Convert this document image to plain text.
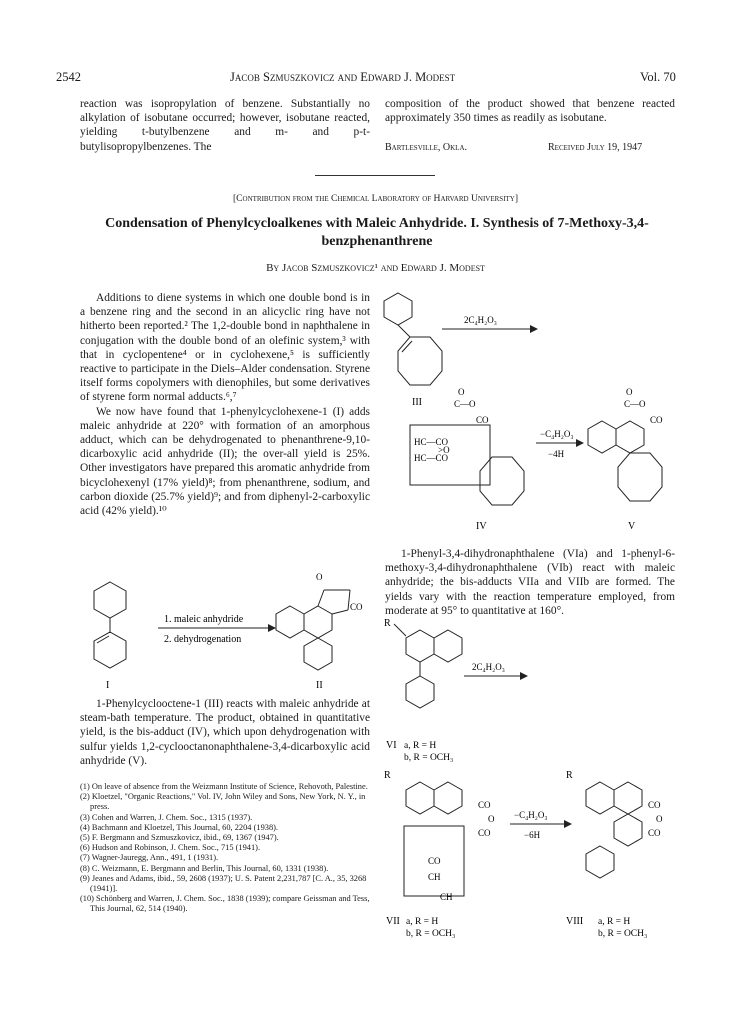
2542	Jacob Szmuszkovicz and Edward J. Modest	Vol. 70
reaction was isopropylation of benzene. Substantially no alkylation of isobutane occurred; however, isobutane reacted, yielding t-butylbenzene and m- and p-t-butylisopropylbenzenes. The
composition of the product showed that benzene reacted approximately 350 times as readily as isobutane.
Bartlesville, Okla.	Received July 19, 1947
[Contribution from the Chemical Laboratory of Harvard University]
Condensation of Phenylcycloalkenes with Maleic Anhydride. I. Synthesis of 7-Methoxy-3,4-benzphenanthrene
By Jacob Szmuszkovicz¹ and Edward J. Modest

Additions to diene systems in which one double bond is in a benzene ring and the second in an alicyclic ring have not hitherto been reported.² The 1,2-double bond in naphthalene in conjugation with the double bond of an olefinic system,³ with that in cyclopentene⁴ or in cyclohexene,⁵ is sufficiently reactive to participate in the Diels–Alder condensation. Styrene itself forms copolymers with dienophiles, but some derivatives of styrene form normal adducts.⁶,⁷

We now have found that 1-phenylcyclohexene-1 (I) adds maleic anhydride at 220° with formation of an amorphous adduct, which can be dehydrogenated to phenanthrene-9,10-dicarboxylic acid anhydride (II); the over-all yield is 25%. Other investigators have prepared this aromatic anhydride from bicyclohexenyl (17% yield)⁸; from phenanthrene, sodium, and carbon dioxide (25.7% yield)⁹; and from diphenyl-2-carboxylic acid (42% yield).¹⁰

I
1. maleic anhydride
2. dehydrogenation
O
CO
II

1-Phenylcyclooctene-1 (III) reacts with maleic anhydride at steam-bath temperature. The product, obtained in quantitative yield, is the bis-adduct (IV), which upon dehydrogenation with sulfur yields 1,2-cyclooctanonaphthalene-3,4-dicarboxylic acid anhydride (V).

(1) On leave of absence from the Weizmann Institute of Science, Rehovoth, Palestine.

(2) Kloetzel, "Organic Reactions," Vol. IV, John Wiley and Sons, New York, N. Y., in press.

(3) Cohen and Warren, J. Chem. Soc., 1315 (1937).

(4) Bachmann and Kloetzel, This Journal, 60, 2204 (1938).

(5) F. Bergmann and Szmuszkovicz, ibid., 69, 1367 (1947).

(6) Hudson and Robinson, J. Chem. Soc., 715 (1941).

(7) Wagner-Jauregg, Ann., 491, 1 (1931).

(8) C. Weizmann, E. Bergmann and Berlin, This Journal, 60, 1331 (1938).

(9) Jeanes and Adams, ibid., 59, 2608 (1937); U. S. Patent 2,231,787 [C. A., 35, 3268 (1941)].

(10) Schönberg and Warren, J. Chem. Soc., 1838 (1939); compare Geissman and Tess, This Journal, 62, 514 (1940).

2C₄H₂O₃
III
HC—CO
HC—CO
>O
O
C—O
CO
IV
−C₄H₂O₃
−4H
O
C—O
CO
V

1-Phenyl-3,4-dihydronaphthalene (VIa) and 1-phenyl-6-methoxy-3,4-dihydronaphthalene (VIb) react with maleic anhydride; the bis-adducts VIIa and VIIb are formed. The yields vary with the reaction temperature employed, from moderate at 95° to quantitative at 160°.

R
2C₄H₂O₃
VI a, R = H
b, R = OCH₃
R
CO
O
CO
CO
CH
CH
VII a, R = H
b, R = OCH₃
−C₄H₂O₃
−6H
R
CO
O
CO
VIII a, R = H
b, R = OCH₃
